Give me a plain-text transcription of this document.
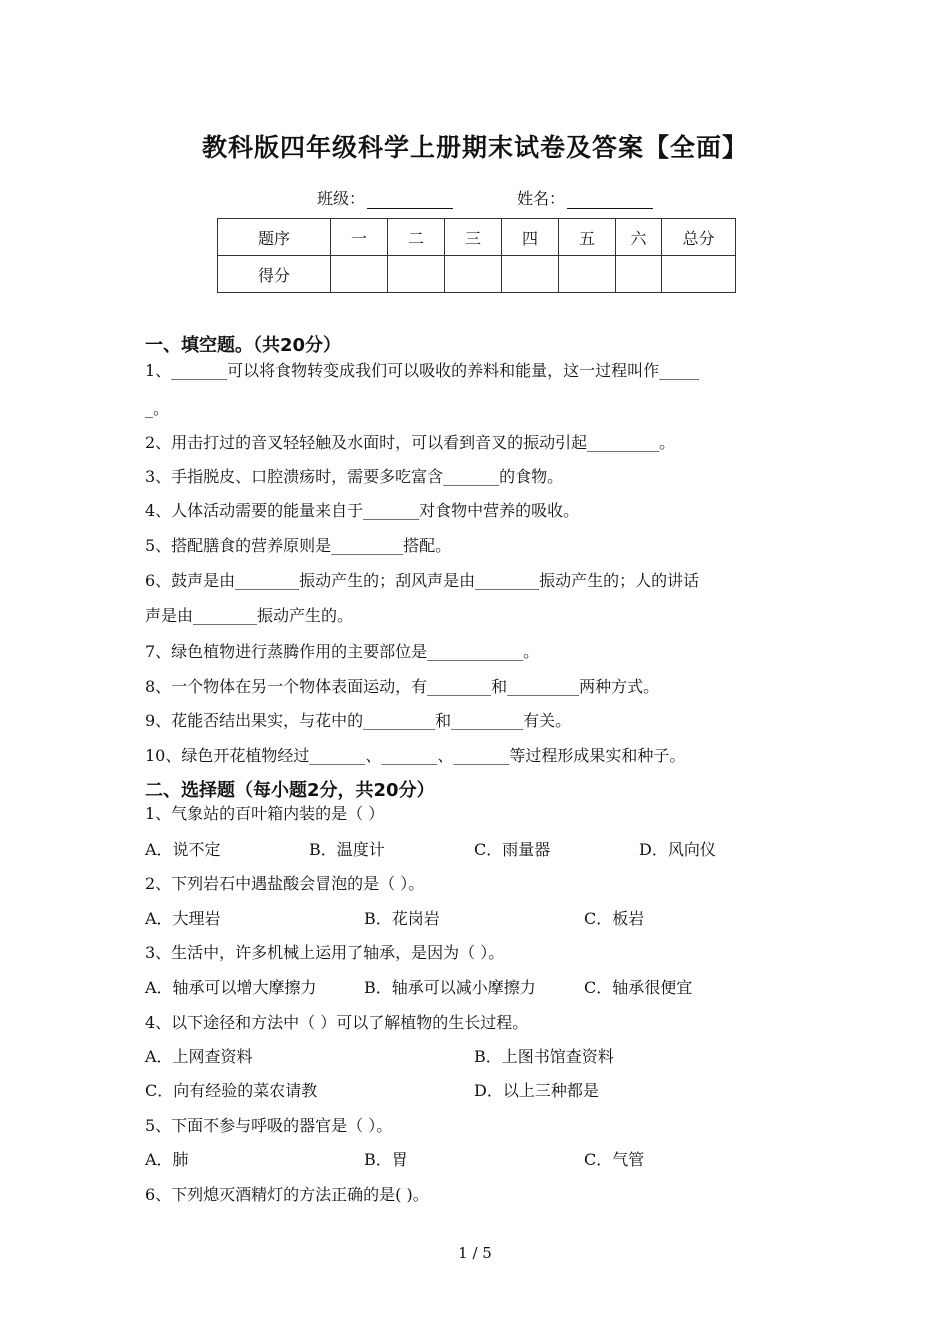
教科版四年级科学上册期末试卷及答案【全面】
班级：	姓名：
题序	一	二	三	四	五	六	总分
得分							
一、填空题。（共20分）
1、_______可以将食物转变成我们可以吸收的养料和能量，这一过程叫作_____
_。
2、用击打过的音叉轻轻触及水面时，可以看到音叉的振动引起_________。
3、手指脱皮、口腔溃疡时，需要多吃富含_______的食物。
4、人体活动需要的能量来自于_______对食物中营养的吸收。
5、搭配膳食的营养原则是_________搭配。
6、鼓声是由________振动产生的；刮风声是由________振动产生的；人的讲话
声是由________振动产生的。
7、绿色植物进行蒸腾作用的主要部位是____________。
8、一个物体在另一个物体表面运动，有________和_________两种方式。
9、花能否结出果实，与花中的_________和_________有关。
10、绿色开花植物经过_______、_______、_______等过程形成果实和种子。
二、选择题（每小题2分，共20分）
1、气象站的百叶箱内装的是（ ）
A．说不定	B．温度计	C．雨量器	D．风向仪
2、下列岩石中遇盐酸会冒泡的是（ ）。
A．大理岩	B．花岗岩	C．板岩
3、生活中，许多机械上运用了轴承，是因为（ ）。
A．轴承可以增大摩擦力	B．轴承可以减小摩擦力	C．轴承很便宜
4、以下途径和方法中（ ）可以了解植物的生长过程。
A．上网查资料	B．上图书馆查资料
C．向有经验的菜农请教	D．以上三种都是
5、下面不参与呼吸的器官是（ ）。
A．肺	B．胃	C．气管
6、下列熄灭酒精灯的方法正确的是( )。
1 / 5
